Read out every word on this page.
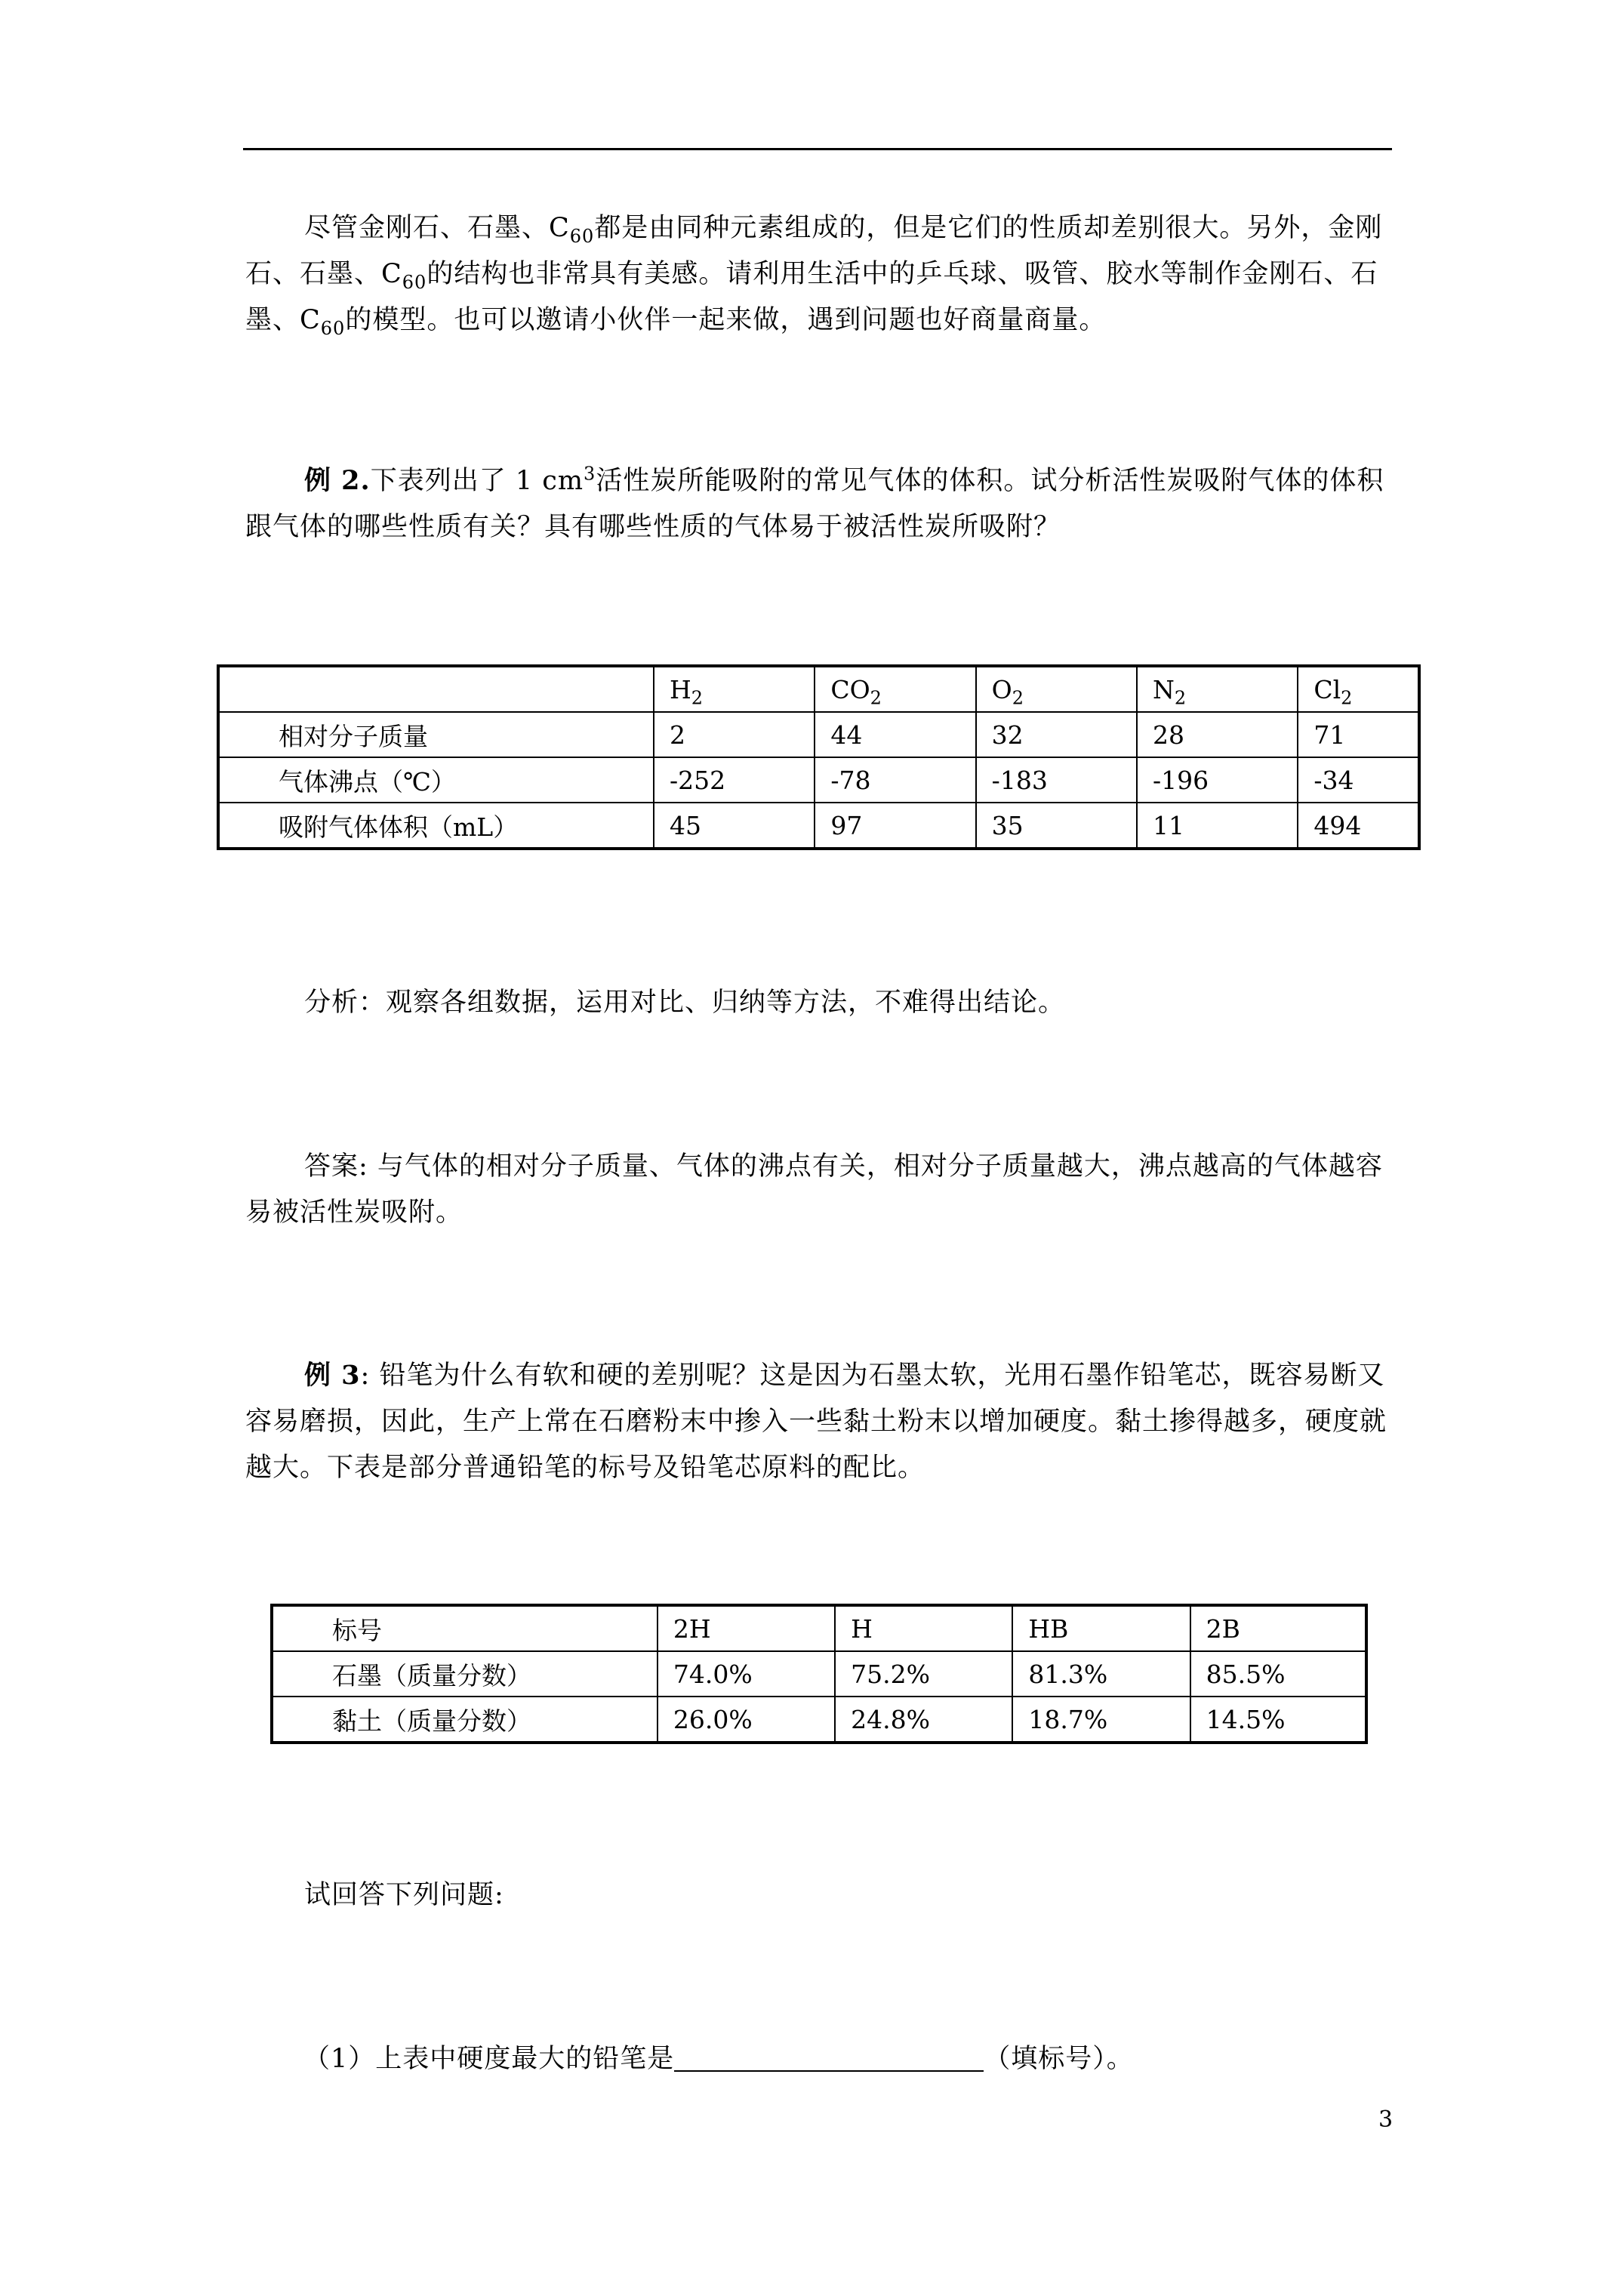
尽管金刚石、石墨、$C_{60}$都是由同种元素组成的，但是它们的性质却差别很大。另外，金刚石、石墨、$C_{60}$的结构也非常具有美感。请利用生活中的乒乓球、吸管、胶水等制作金刚石、石墨、$C_{60}$的模型。也可以邀请小伙伴一起来做，遇到问题也好商量商量。
例 2.下表列出了 1 $cm^3$活性炭所能吸附的常见气体的体积。试分析活性炭吸附气体的体积跟气体的哪些性质有关？具有哪些性质的气体易于被活性炭所吸附？
	$H_2$	$CO_2$	$O_2$	$N_2$	$Cl_2$
相对分子质量	2	44	32	28	71
气体沸点（℃）	-252	-78	-183	-196	-34
吸附气体体积（mL）	45	97	35	11	494
分析：观察各组数据，运用对比、归纳等方法，不难得出结论。
答案: 与气体的相对分子质量、气体的沸点有关，相对分子质量越大，沸点越高的气体越容易被活性炭吸附。
例 3: 铅笔为什么有软和硬的差别呢？这是因为石墨太软，光用石墨作铅笔芯，既容易断又容易磨损，因此，生产上常在石磨粉末中掺入一些黏土粉末以增加硬度。黏土掺得越多，硬度就越大。下表是部分普通铅笔的标号及铅笔芯原料的配比。
标号	2H	H	HB	2B
石墨（质量分数）	74.0%	75.2%	81.3%	85.5%
黏土（质量分数）	26.0%	24.8%	18.7%	14.5%
试回答下列问题:
（1）上表中硬度最大的铅笔是	（填标号）。
3
